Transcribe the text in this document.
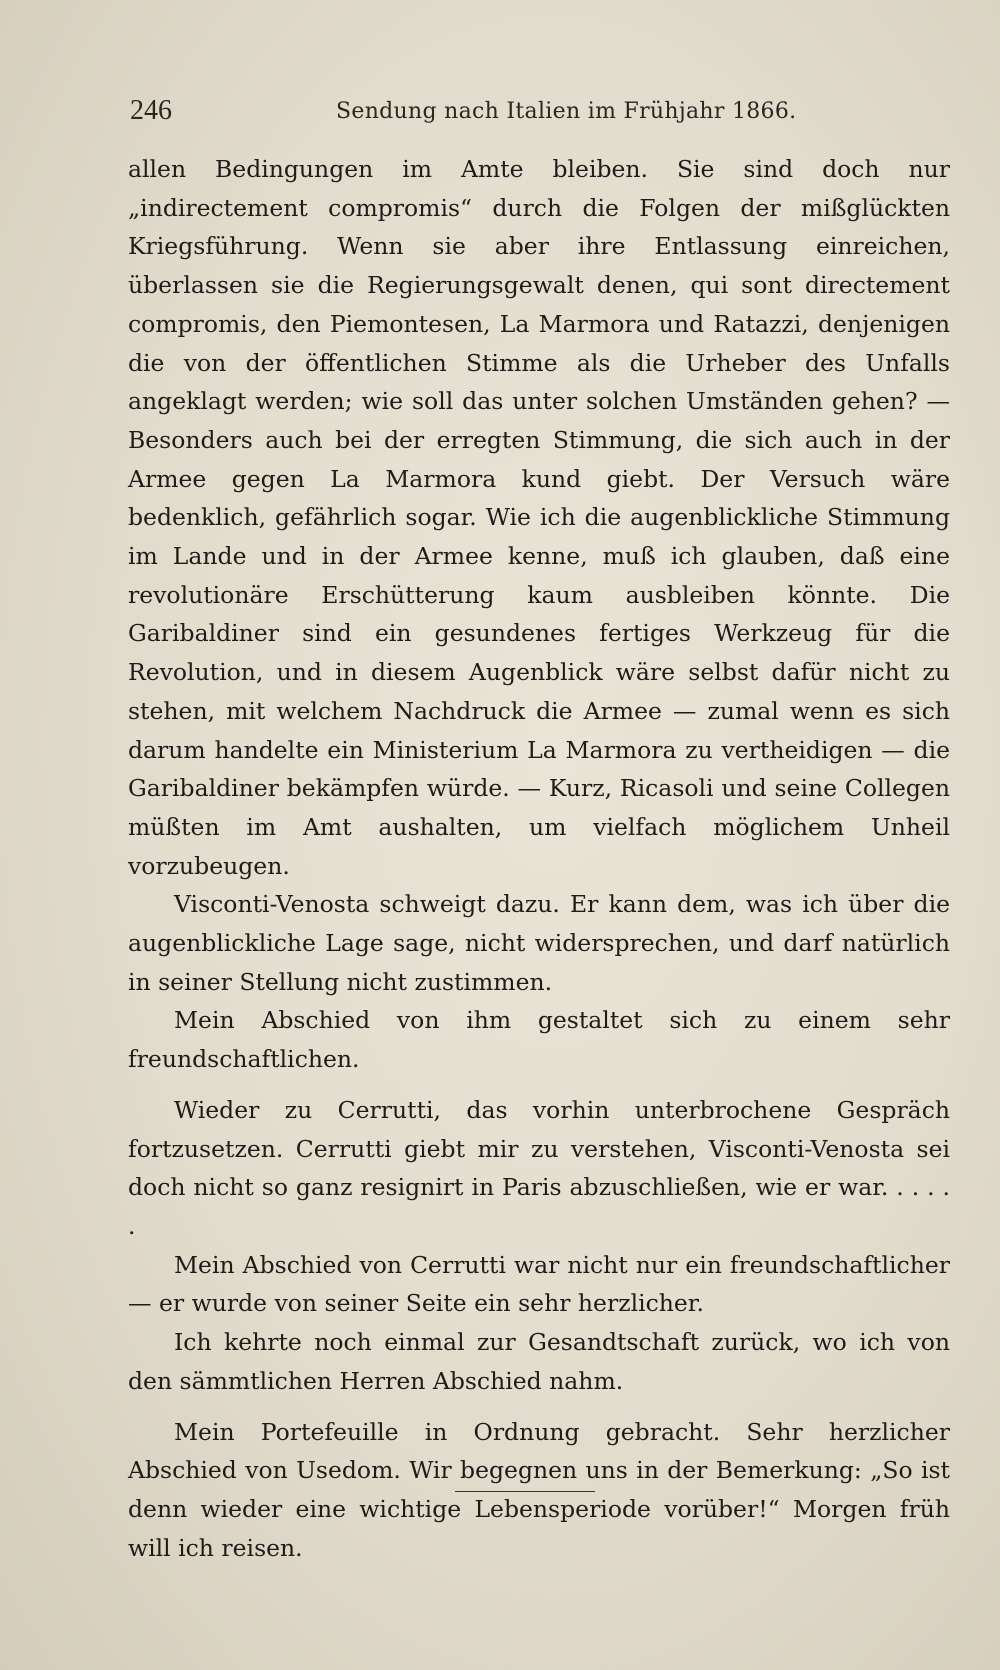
246	Sendung nach Italien im Frühjahr 1866.

allen Bedingungen im Amte bleiben. Sie sind doch nur „indirectement compromis“ durch die Folgen der mißglückten Kriegsführung. Wenn sie aber ihre Entlassung einreichen, überlassen sie die Regierungsgewalt denen, qui sont directement compromis, den Piemontesen, La Marmora und Ratazzi, denjenigen die von der öffentlichen Stimme als die Urheber des Unfalls angeklagt werden; wie soll das unter solchen Umständen gehen? — Besonders auch bei der erregten Stimmung, die sich auch in der Armee gegen La Marmora kund giebt. Der Versuch wäre bedenklich, gefährlich sogar. Wie ich die augenblickliche Stimmung im Lande und in der Armee kenne, muß ich glauben, daß eine revolutionäre Erschütterung kaum ausbleiben könnte. Die Garibaldiner sind ein gesundenes fertiges Werkzeug für die Revolution, und in diesem Augenblick wäre selbst dafür nicht zu stehen, mit welchem Nachdruck die Armee — zumal wenn es sich darum handelte ein Ministerium La Marmora zu vertheidigen — die Garibaldiner bekämpfen würde. — Kurz, Ricasoli und seine Collegen müßten im Amt aushalten, um vielfach möglichem Unheil vorzubeugen.

Visconti-Venosta schweigt dazu. Er kann dem, was ich über die augenblickliche Lage sage, nicht widersprechen, und darf natürlich in seiner Stellung nicht zustimmen.

Mein Abschied von ihm gestaltet sich zu einem sehr freundschaftlichen.

Wieder zu Cerrutti, das vorhin unterbrochene Gespräch fortzusetzen. Cerrutti giebt mir zu verstehen, Visconti-Venosta sei doch nicht so ganz resignirt in Paris abzuschließen, wie er war. . . . . .

Mein Abschied von Cerrutti war nicht nur ein freundschaftlicher — er wurde von seiner Seite ein sehr herzlicher.

Ich kehrte noch einmal zur Gesandtschaft zurück, wo ich von den sämmtlichen Herren Abschied nahm.

Mein Portefeuille in Ordnung gebracht. Sehr herzlicher Abschied von Usedom. Wir begegnen uns in der Bemerkung: „So ist denn wieder eine wichtige Lebensperiode vorüber!“ Morgen früh will ich reisen.
